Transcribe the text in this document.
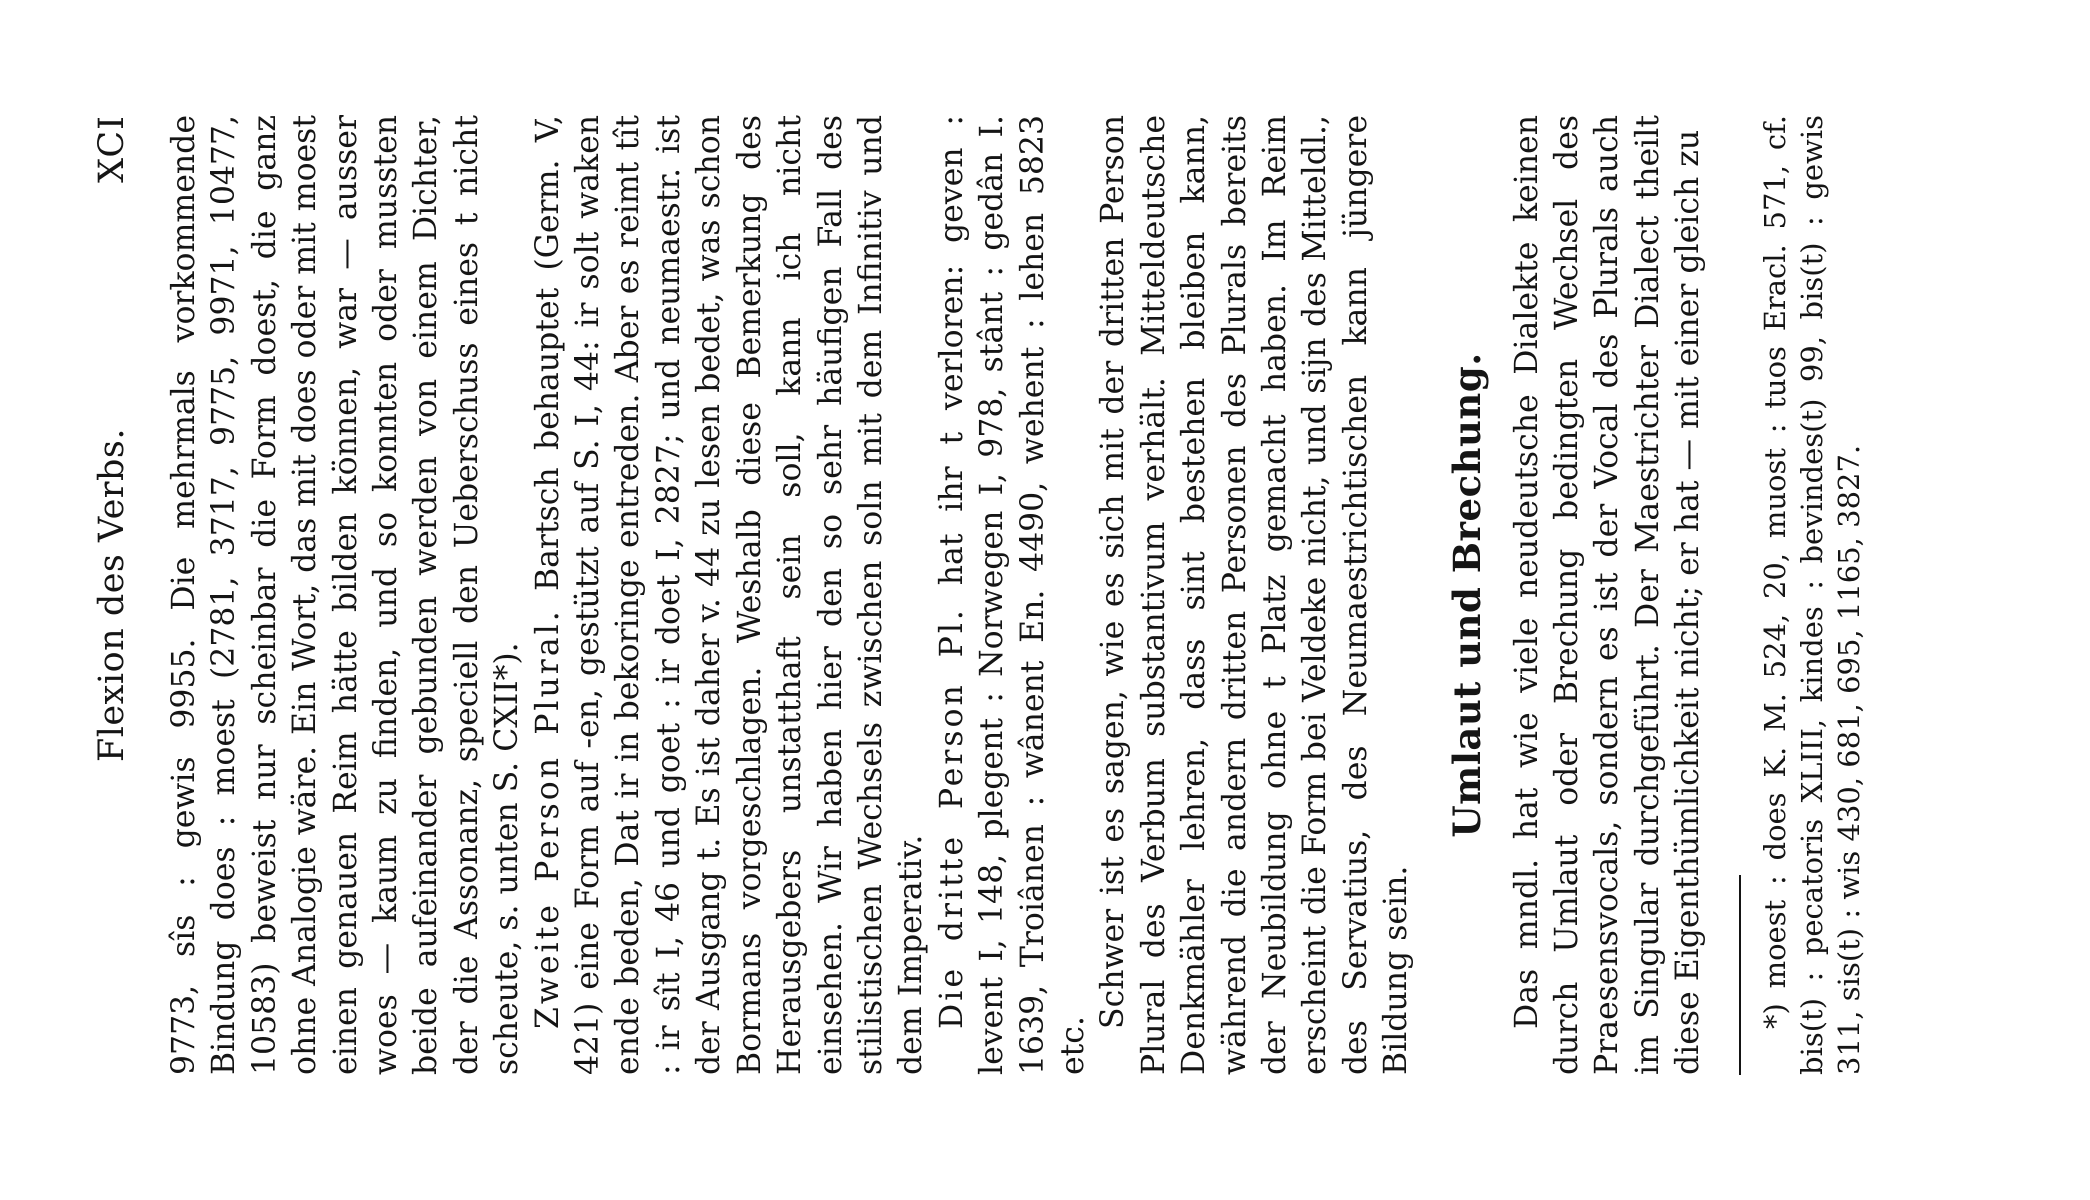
Flexion des Verbs.
XCI 9773, sîs : gewis 9955. Die mehrmals vorkommende Bindung does : moest (2781, 3717, 9775, 9971, 10477, 10583) beweist nur scheinbar die Form doest, die ganz ohne Analogie wäre. Ein Wort, das mit does oder mit moest einen genauen Reim hätte bilden können, war — ausser woes — kaum zu finden, und so konnten oder mussten beide aufeinander gebunden werden von einem Dichter, der die Assonanz, speciell den Ueberschuss eines t nicht scheute, s. unten S. CXII*). Zweite Person Plural. Bartsch behauptet (Germ. V, 421) eine Form auf -en, gestützt auf S. I, 44: ir solt waken ende beden, Dat ir in bekoringe entreden. Aber es reimt tît : ir sît I, 46 und goet : ir doet I, 2827; und neumaestr. ist der Ausgang t. Es ist daher v. 44 zu lesen bedet, was schon Bormans vorgeschlagen. Weshalb diese Bemerkung des Herausgebers unstatthaft sein soll, kann ich nicht einsehen. Wir haben hier den so sehr häufigen Fall des stilistischen Wechsels zwischen soln mit dem Infinitiv und dem Imperativ. Die dritte Person Pl. hat ihr t verloren: geven : levent I, 148, plegent : Norwegen I, 978, stânt : gedân I. 1639, Troiânen : wânent En. 4490, wehent : lehen 5823 etc.

Schwer ist es sagen, wie es sich mit der dritten Person Plural des Verbum substantivum verhält. Mitteldeutsche Denkmähler lehren, dass sint bestehen bleiben kann, während die andern dritten Personen des Plurals bereits der Neubildung ohne t Platz gemacht haben. Im Reim erscheint die Form bei Veldeke nicht, und sijn des Mitteldl., des Servatius, des Neumaestrichtischen kann jüngere Bildung sein.

Umlaut und Brechung. Das mndl. hat wie viele neudeutsche Dialekte keinen durch Umlaut oder Brechung bedingten Wechsel des Praesensvocals, sondern es ist der Vocal des Plurals auch im Singular durchgeführt. Der Maestrichter Dialect theilt diese Eigenthümlichkeit nicht; er hat — mit einer gleich zu *) moest : does K. M. 524, 20, muost : tuos Eracl. 571, cf. bis(t) : pecatoris XLIII, kindes : bevindes(t) 99, bis(t) : gewis 311, sis(t) : wis 430, 681, 695, 1165, 3827.
